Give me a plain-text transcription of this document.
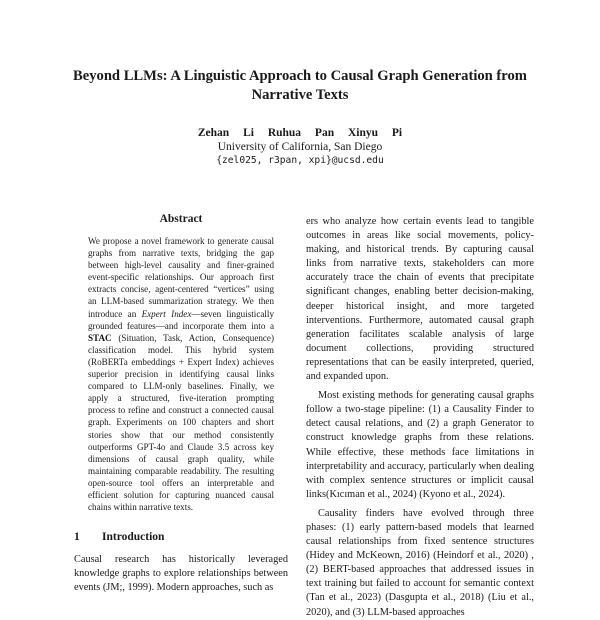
Beyond LLMs: A Linguistic Approach to Causal Graph Generation from Narrative Texts
Zehan Li Ruhua Pan Xinyu Pi
University of California, San Diego
{zel025, r3pan, xpi}@ucsd.edu
Abstract
We propose a novel framework to generate causal graphs from narrative texts, bridging the gap between high-level causality and finer-grained event-specific relationships. Our approach first extracts concise, agent-centered “vertices” using an LLM-based summarization strategy. We then introduce an Expert Index—seven linguistically grounded features—and incorporate them into a STAC (Situation, Task, Action, Consequence) classification model. This hybrid system (RoBERTa embeddings + Expert Index) achieves superior precision in identifying causal links compared to LLM-only baselines. Finally, we apply a structured, five-iteration prompting process to refine and construct a connected causal graph. Experiments on 100 chapters and short stories show that our method consistently outperforms GPT-4o and Claude 3.5 across key dimensions of causal graph quality, while maintaining comparable readability. The resulting open-source tool offers an interpretable and efficient solution for capturing nuanced causal chains within narrative texts.
1 Introduction
Causal research has historically leveraged knowledge graphs to explore relationships between events (JM;, 1999). Modern approaches, such as

ers who analyze how certain events lead to tangible outcomes in areas like social movements, policy-making, and historical trends. By capturing causal links from narrative texts, stakeholders can more accurately trace the chain of events that precipitate significant changes, enabling better decision-making, deeper historical insight, and more targeted interventions. Furthermore, automated causal graph generation facilitates scalable analysis of large document collections, providing structured representations that can be easily interpreted, queried, and expanded upon.

Most existing methods for generating causal graphs follow a two-stage pipeline: (1) a Causality Finder to detect causal relations, and (2) a graph Generator to construct knowledge graphs from these relations. While effective, these methods face limitations in interpretability and accuracy, particularly when dealing with complex sentence structures or implicit causal links(Kıcıman et al., 2024) (Kyono et al., 2024).

Causality finders have evolved through three phases: (1) early pattern-based models that learned causal relationships from fixed sentence structures (Hidey and McKeown, 2016) (Heindorf et al., 2020) , (2) BERT-based approaches that addressed issues in text training but failed to account for semantic context (Tan et al., 2023) (Dasgupta et al., 2018) (Liu et al., 2020), and (3) LLM-based approaches
